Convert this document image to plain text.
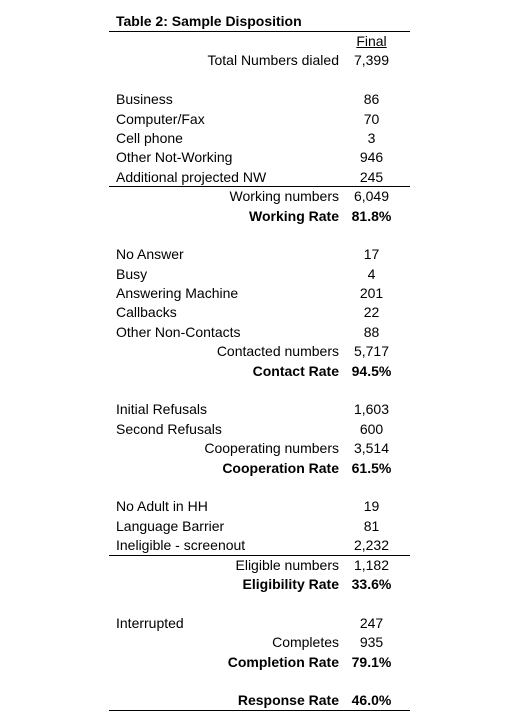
Table 2: Sample Disposition
Final
Total Numbers dialed	7,399
Business	86
Computer/Fax	70
Cell phone	3
Other Not-Working	946
Additional projected NW	245
Working numbers	6,049
Working Rate 81.8%
No Answer	17
Busy	4
Answering Machine	201
Callbacks	22
Other Non-Contacts	88
Contacted numbers	5,717
Contact Rate 94.5%
Initial Refusals	1,603
Second Refusals	600
Cooperating numbers	3,514
Cooperation Rate 61.5%
No Adult in HH	19
Language Barrier	81
Ineligible - screenout	2,232
Eligible numbers	1,182
Eligibility Rate 33.6%
Interrupted	247
Completes	935
Completion Rate 79.1%
Response Rate 46.0%
